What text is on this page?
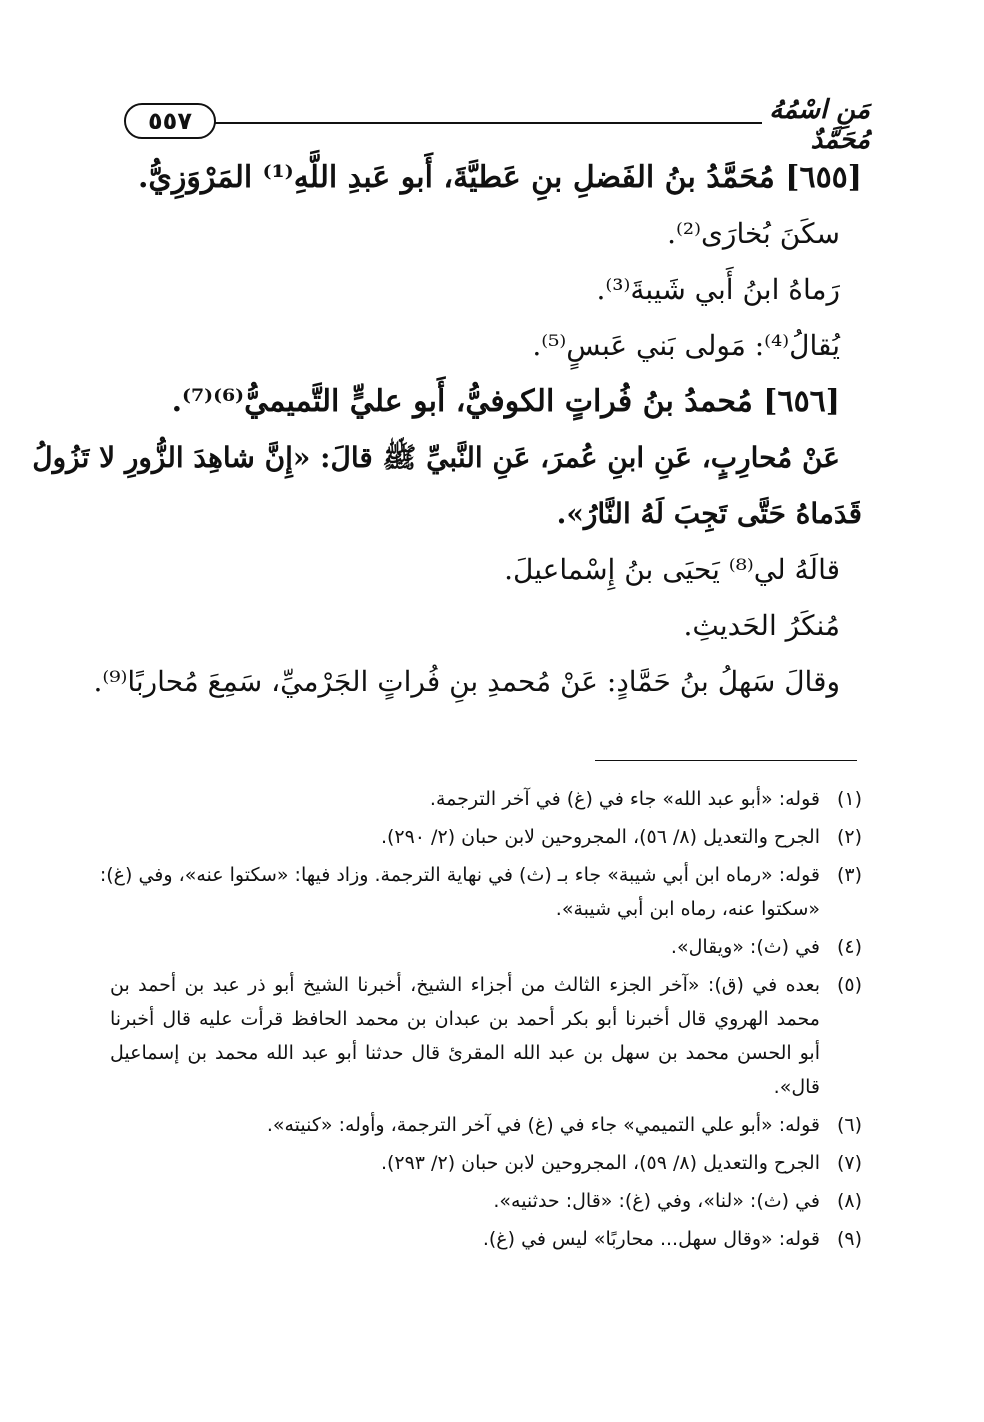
٥٥٧	مَنِ اسْمُهُ مُحَمَّدٌ
[٦٥٥] مُحَمَّدُ بنُ الفَضلِ بنِ عَطيَّةَ، أَبو عَبدِ اللَّهِ⁽¹⁾ المَرْوَزِيُّ.
سكَنَ بُخارَى⁽²⁾.
رَماهُ ابنُ أَبي شَيبةَ⁽³⁾.
يُقالُ⁽⁴⁾: مَولى بَني عَبسٍ⁽⁵⁾.
[٦٥٦] مُحمدُ بنُ فُراتٍ الكوفيُّ، أَبو عليٍّ التَّميميُّ⁽⁶⁾⁽⁷⁾.
عَنْ مُحارِبٍ، عَنِ ابنِ عُمرَ، عَنِ النَّبيِّ ﷺ قالَ: «إِنَّ شاهِدَ الزُّورِ لا تَزُولُ
قَدَماهُ حَتَّى تَجِبَ لَهُ النَّارُ».
قالَهُ لي⁽⁸⁾ يَحيَى بنُ إِسْماعيلَ.
مُنكَرُ الحَديثِ.
وقالَ سَهلُ بنُ حَمَّادٍ: عَنْ مُحمدِ بنِ فُراتٍ الجَرْميِّ، سَمِعَ مُحاربًا⁽⁹⁾.
(١)
قوله: «أبو عبد الله» جاء في (غ) في آخر الترجمة.
(٢)
الجرح والتعديل (٨/ ٥٦)، المجروحين لابن حبان (٢/ ٢٩٠).
(٣)
قوله: «رماه ابن أبي شيبة» جاء بـ (ث) في نهاية الترجمة. وزاد فيها: «سكتوا عنه»، وفي (غ):
«سكتوا عنه، رماه ابن أبي شيبة».
(٤)
في (ث): «ويقال».
(٥)
بعده في (ق): «آخر الجزء الثالث من أجزاء الشيخ، أخبرنا الشيخ أبو ذر عبد بن أحمد بن
محمد الهروي قال أخبرنا أبو بكر أحمد بن عبدان بن محمد الحافظ قرأت عليه قال أخبرنا
أبو الحسن محمد بن سهل بن عبد الله المقرئ قال حدثنا أبو عبد الله محمد بن إسماعيل
قال».
(٦)
قوله: «أبو علي التميمي» جاء في (غ) في آخر الترجمة، وأوله: «كنيته».
(٧)
الجرح والتعديل (٨/ ٥٩)، المجروحين لابن حبان (٢/ ٢٩٣).
(٨)
في (ث): «لنا»، وفي (غ): «قال: حدثنيه».
(٩)
قوله: «وقال سهل... محاربًا» ليس في (غ).
